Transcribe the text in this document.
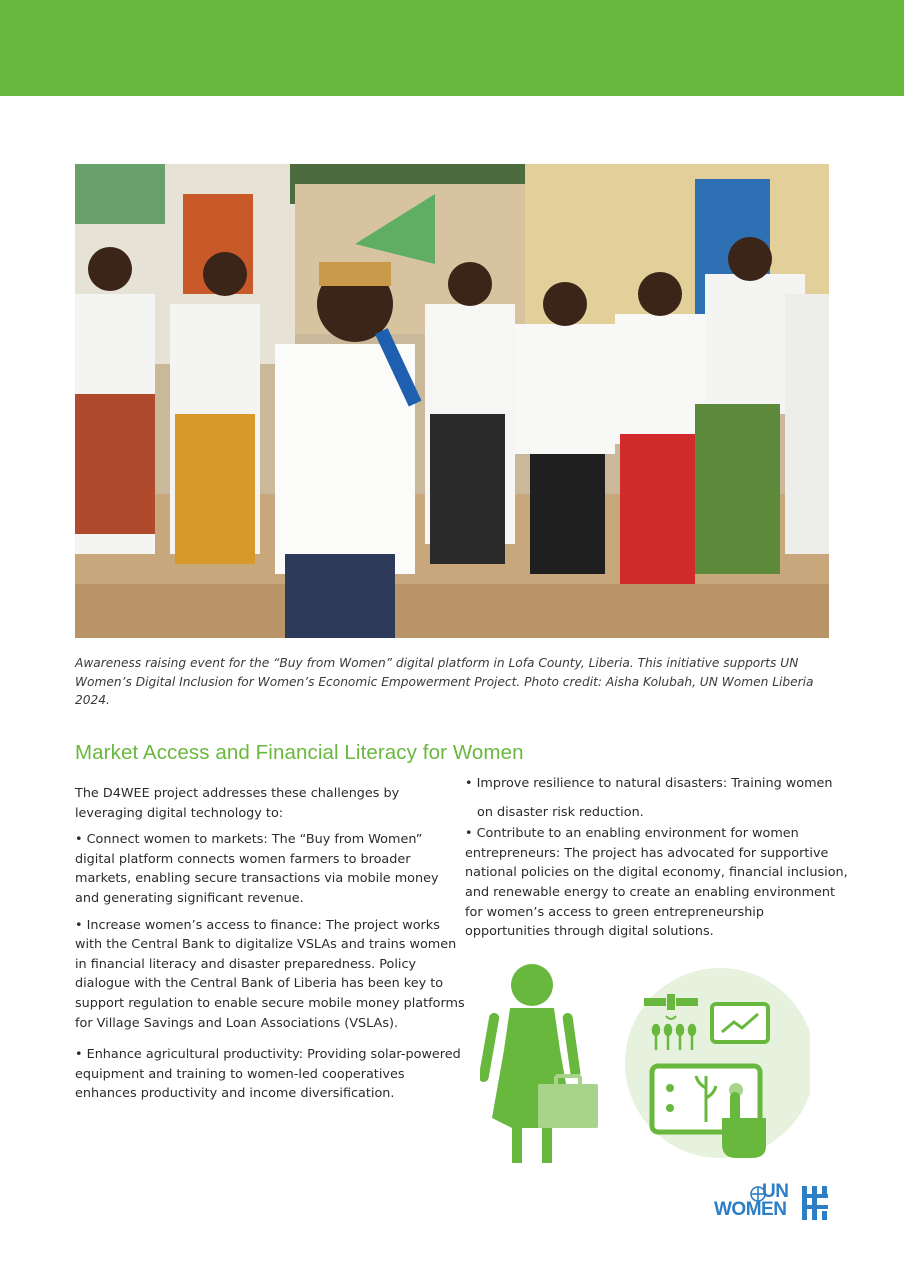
Awareness raising event for the “Buy from Women” digital platform in Lofa County, Liberia. This initiative supports UN Women’s Digital Inclusion for Women’s Economic Empowerment Project. Photo credit: Aisha Kolubah, UN Women Liberia 2024.

Market Access and Financial Literacy for Women

The D4WEE project addresses these challenges by leveraging digital technology to:

• Connect women to markets: The “Buy from Women” digital platform connects women farmers to broader markets, enabling secure transactions via mobile money and generating significant revenue.

• Increase women’s access to finance: The project works with the Central Bank to digitalize VSLAs and trains women in financial literacy and disaster preparedness. Policy dialogue with the Central Bank of Liberia has been key to support regulation to enable secure mobile money platforms for Village Savings and Loan Associations (VSLAs).

• Enhance agricultural productivity: Providing solar-powered equipment and training to women-led cooperatives enhances productivity and income diversification.

• Improve resilience to natural disasters: Training women

on disaster risk reduction.

• Contribute to an enabling environment for women entrepreneurs: The project has advocated for supportive national policies on the digital economy, financial inclusion, and renewable energy to create an enabling environment for women’s access to green entrepreneurship opportunities through digital solutions.

UN

WOMEN
